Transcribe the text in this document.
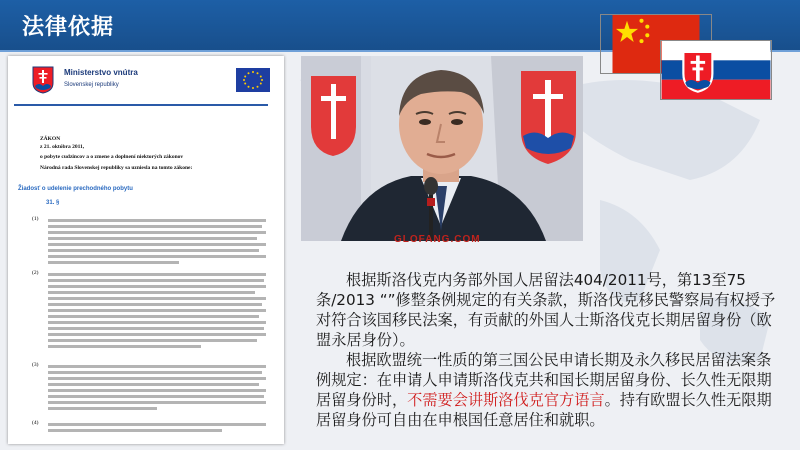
法律依据
Ministerstvo vnútra
Slovenskej republiky
ZÁKON
z 21. októbra 2011,
o pobyte cudzincov a o zmene a doplnení niektorých zákonov
Národná rada Slovenskej republiky sa uzniesla na tomto zákone:
Žiadosť o udelenie prechodného pobytu
31. §
(1)
(2)
(3)
(4)
GLOFANG.COM

根据斯洛伐克内务部外国人居留法404/2011号，第13至75条/2013 “”修整条例规定的有关条款，斯洛伐克移民警察局有权授予对符合该国移民法案，有贡献的外国人士斯洛伐克长期居留身份（欧盟永居身份）。

根据欧盟统一性质的第三国公民申请长期及永久移民居留法案条例规定：在申请人申请斯洛伐克共和国长期居留身份、长久性无限期居留身份时，不需要会讲斯洛伐克官方语言。持有欧盟长久性无限期居留身份可自由在申根国任意居住和就职。
